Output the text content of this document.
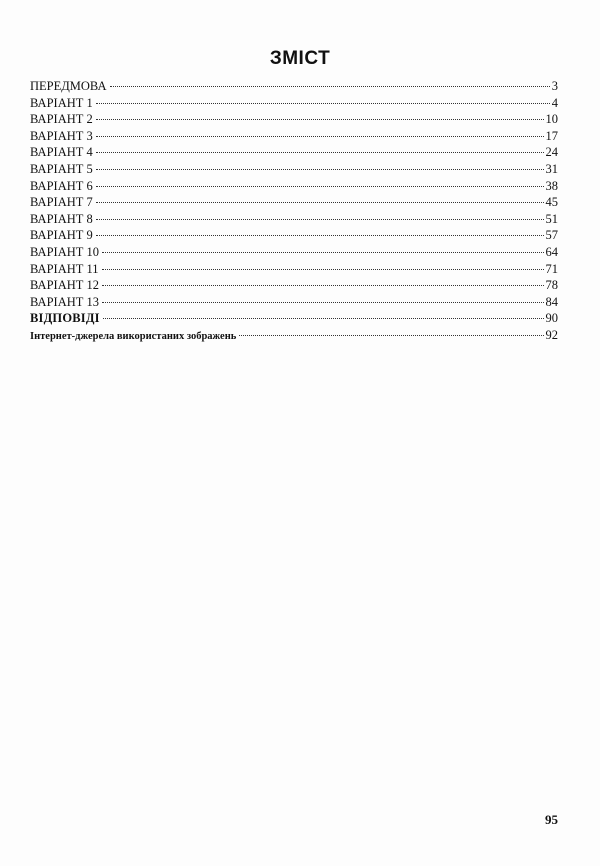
ЗМІСТ
ПЕРЕДМОВА	3
ВАРІАНТ 1	4
ВАРІАНТ 2	10
ВАРІАНТ 3	17
ВАРІАНТ 4	24
ВАРІАНТ 5	31
ВАРІАНТ 6	38
ВАРІАНТ 7	45
ВАРІАНТ 8	51
ВАРІАНТ 9	57
ВАРІАНТ 10	64
ВАРІАНТ 11	71
ВАРІАНТ 12	78
ВАРІАНТ 13	84
ВІДПОВІДІ	90
Інтернет-джерела використаних зображень	92
95
